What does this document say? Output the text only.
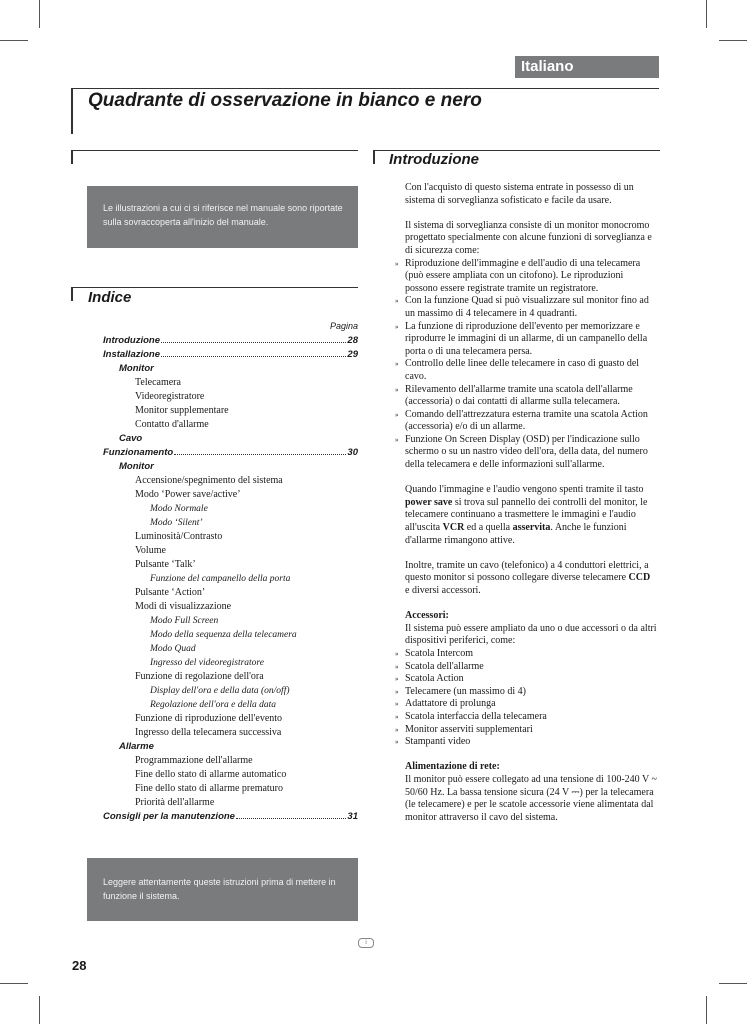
Italiano
Quadrante di osservazione in bianco e nero
Le illustrazioni a cui ci si riferisce nel manuale sono riportate sulla sovraccoperta all'inizio del manuale.
Indice
Pagina
Introduzione	28
Installazione	29
Monitor
Telecamera
Videoregistratore
Monitor supplementare
Contatto d'allarme
Cavo
Funzionamento	30
Monitor
Accensione/spegnimento del sistema
Modo ‘Power save/active’
Modo Normale
Modo ‘Silent’
Luminosità/Contrasto
Volume
Pulsante ‘Talk’
Funzione del campanello della porta
Pulsante ‘Action’
Modi di visualizzazione
Modo Full Screen
Modo della sequenza della telecamera
Modo Quad
Ingresso del videoregistratore
Funzione di regolazione dell'ora
Display dell'ora e della data (on/off)
Regolazione dell'ora e della data
Funzione di riproduzione dell'evento
Ingresso della telecamera successiva
Allarme
Programmazione dell'allarme
Fine dello stato di allarme automatico
Fine dello stato di allarme prematuro
Priorità dell'allarme
Consigli per la manutenzione	31
Leggere attentamente queste istruzioni prima di mettere in funzione il sistema.
Introduzione

Con l'acquisto di questo sistema entrate in possesso di un sistema di sorveglianza sofisticato e facile da usare.

Il sistema di sorveglianza consiste di un monitor monocromo progettato specialmente con alcune funzioni di sorveglianza e di sicurezza come:
» Riproduzione dell'immagine e dell'audio di una telecamera (può essere ampliata con un citofono). Le riproduzioni possono essere registrate tramite un registratore.
» Con la funzione Quad si può visualizzare sul monitor fino ad un massimo di 4 telecamere in 4 quadranti.
» La funzione di riproduzione dell'evento per memorizzare e riprodurre le immagini di un allarme, di un campanello della porta o di una telecamera persa.
» Controllo delle linee delle telecamere in caso di guasto del cavo.
» Rilevamento dell'allarme tramite una scatola dell'allarme (accessoria) o dai contatti di allarme sulla telecamera.
» Comando dell'attrezzatura esterna tramite una scatola Action (accessoria) e/o di un allarme.

» Funzione On Screen Display (OSD) per l'indicazione sullo schermo o su un nastro video dell'ora, della data, del numero della telecamera e delle informazioni sull'allarme.

Quando l'immagine e l'audio vengono spenti tramite il tasto power save si trova sul pannello dei controlli del monitor, le telecamere continuano a trasmettere le immagini e l'audio all'uscita VCR ed a quella asservita. Anche le funzioni d'allarme rimangono attive.

Inoltre, tramite un cavo (telefonico) a 4 conduttori elettrici, a questo monitor si possono collegare diverse telecamere CCD e diversi accessori.

Accessori:
Il sistema può essere ampliato da uno o due accessori o da altri dispositivi periferici, come:
» Scatola Intercom
» Scatola dell'allarme
» Scatola Action
» Telecamere (un massimo di 4)
» Adattatore di prolunga
» Scatola interfaccia della telecamera
» Monitor asserviti supplementari

» Stampanti video

Alimentazione di rete:
Il monitor può essere collegato ad una tensione di 100-240 V ~ 50/60 Hz. La bassa tensione sicura (24 V ⎓) per la telecamera (le telecamere) e per le scatole accessorie viene alimentata dal monitor attraverso il cavo del sistema.
i
28
